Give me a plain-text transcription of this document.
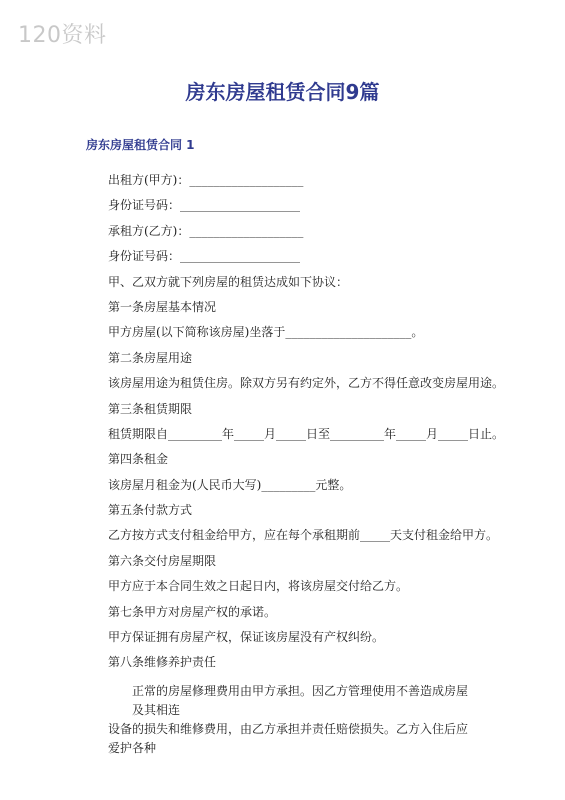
120资料
房东房屋租赁合同9篇
房东房屋租赁合同 1
出租方(甲方)：___________________
身份证号码：____________________
承租方(乙方)：___________________
身份证号码：____________________
甲、乙双方就下列房屋的租赁达成如下协议：
第一条房屋基本情况
甲方房屋(以下简称该房屋)坐落于_____________________。
第二条房屋用途
该房屋用途为租赁住房。除双方另有约定外，乙方不得任意改变房屋用途。
第三条租赁期限
租赁期限自_________年_____月_____日至_________年_____月_____日止。
第四条租金
该房屋月租金为(人民币大写)_________元整。
第五条付款方式
乙方按方式支付租金给甲方，应在每个承租期前_____天支付租金给甲方。
第六条交付房屋期限
甲方应于本合同生效之日起日内，将该房屋交付给乙方。
第七条甲方对房屋产权的承诺。
甲方保证拥有房屋产权，保证该房屋没有产权纠纷。
第八条维修养护责任
正常的房屋修理费用由甲方承担。因乙方管理使用不善造成房屋及其相连
设备的损失和维修费用，由乙方承担并责任赔偿损失。乙方入住后应爱护各种
